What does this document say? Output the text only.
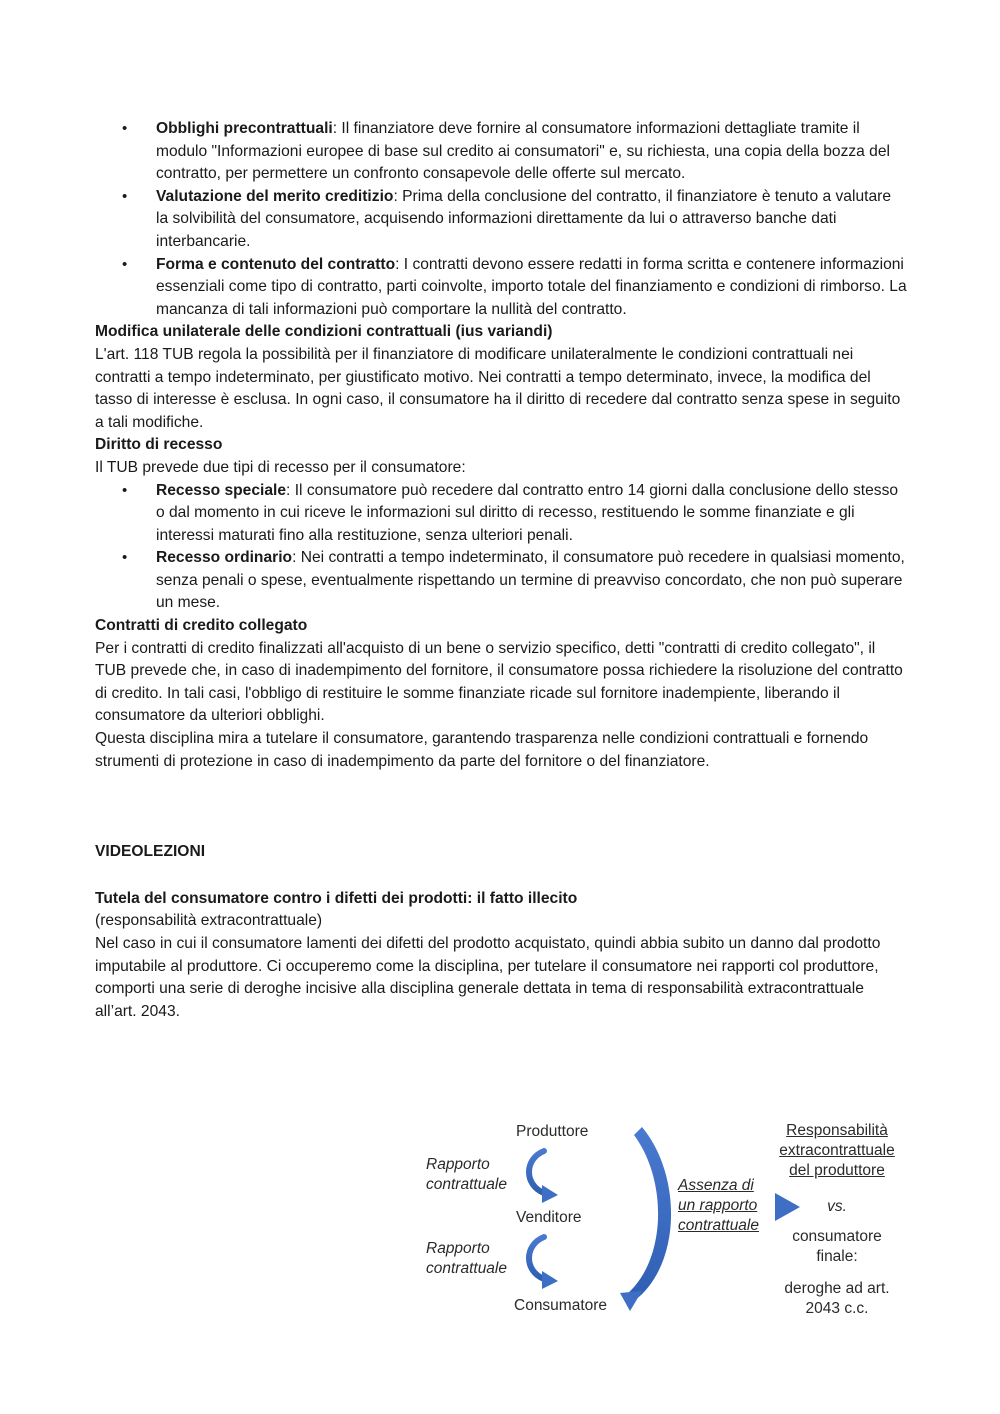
• Obblighi precontrattuali: Il finanziatore deve fornire al consumatore informazioni dettagliate tramite il modulo "Informazioni europee di base sul credito ai consumatori" e, su richiesta, una copia della bozza del contratto, per permettere un confronto consapevole delle offerte sul mercato.
• Valutazione del merito creditizio: Prima della conclusione del contratto, il finanziatore è tenuto a valutare la solvibilità del consumatore, acquisendo informazioni direttamente da lui o attraverso banche dati interbancarie.
• Forma e contenuto del contratto: I contratti devono essere redatti in forma scritta e contenere informazioni essenziali come tipo di contratto, parti coinvolte, importo totale del finanziamento e condizioni di rimborso. La mancanza di tali informazioni può comportare la nullità del contratto.

Modifica unilaterale delle condizioni contrattuali (ius variandi)

L'art. 118 TUB regola la possibilità per il finanziatore di modificare unilateralmente le condizioni contrattuali nei contratti a tempo indeterminato, per giustificato motivo. Nei contratti a tempo determinato, invece, la modifica del tasso di interesse è esclusa. In ogni caso, il consumatore ha il diritto di recedere dal contratto senza spese in seguito a tali modifiche.

Diritto di recesso

Il TUB prevede due tipi di recesso per il consumatore:

• Recesso speciale: Il consumatore può recedere dal contratto entro 14 giorni dalla conclusione dello stesso o dal momento in cui riceve le informazioni sul diritto di recesso, restituendo le somme finanziate e gli interessi maturati fino alla restituzione, senza ulteriori penali.
• Recesso ordinario: Nei contratti a tempo indeterminato, il consumatore può recedere in qualsiasi momento, senza penali o spese, eventualmente rispettando un termine di preavviso concordato, che non può superare un mese.

Contratti di credito collegato

Per i contratti di credito finalizzati all'acquisto di un bene o servizio specifico, detti "contratti di credito collegato", il TUB prevede che, in caso di inadempimento del fornitore, il consumatore possa richiedere la risoluzione del contratto di credito. In tali casi, l'obbligo di restituire le somme finanziate ricade sul fornitore inadempiente, liberando il consumatore da ulteriori obblighi.

Questa disciplina mira a tutelare il consumatore, garantendo trasparenza nelle condizioni contrattuali e fornendo strumenti di protezione in caso di inadempimento da parte del fornitore o del finanziatore.

VIDEOLEZIONI

Tutela del consumatore contro i difetti dei prodotti: il fatto illecito

(responsabilità extracontrattuale)

Nel caso in cui il consumatore lamenti dei difetti del prodotto acquistato, quindi abbia subito un danno dal prodotto imputabile al produttore. Ci occuperemo come la disciplina, per tutelare il consumatore nei rapporti col produttore, comporti una serie di deroghe incisive alla disciplina generale dettata in tema di responsabilità extracontrattuale all’art. 2043.

Produttore
Rapporto
contrattuale
Venditore
Rapporto
contrattuale
Consumatore
Assenza di
un rapporto
contrattuale
Responsabilità
extracontrattuale
del produttore
vs.
consumatore
finale:
deroghe ad art.
2043 c.c.
